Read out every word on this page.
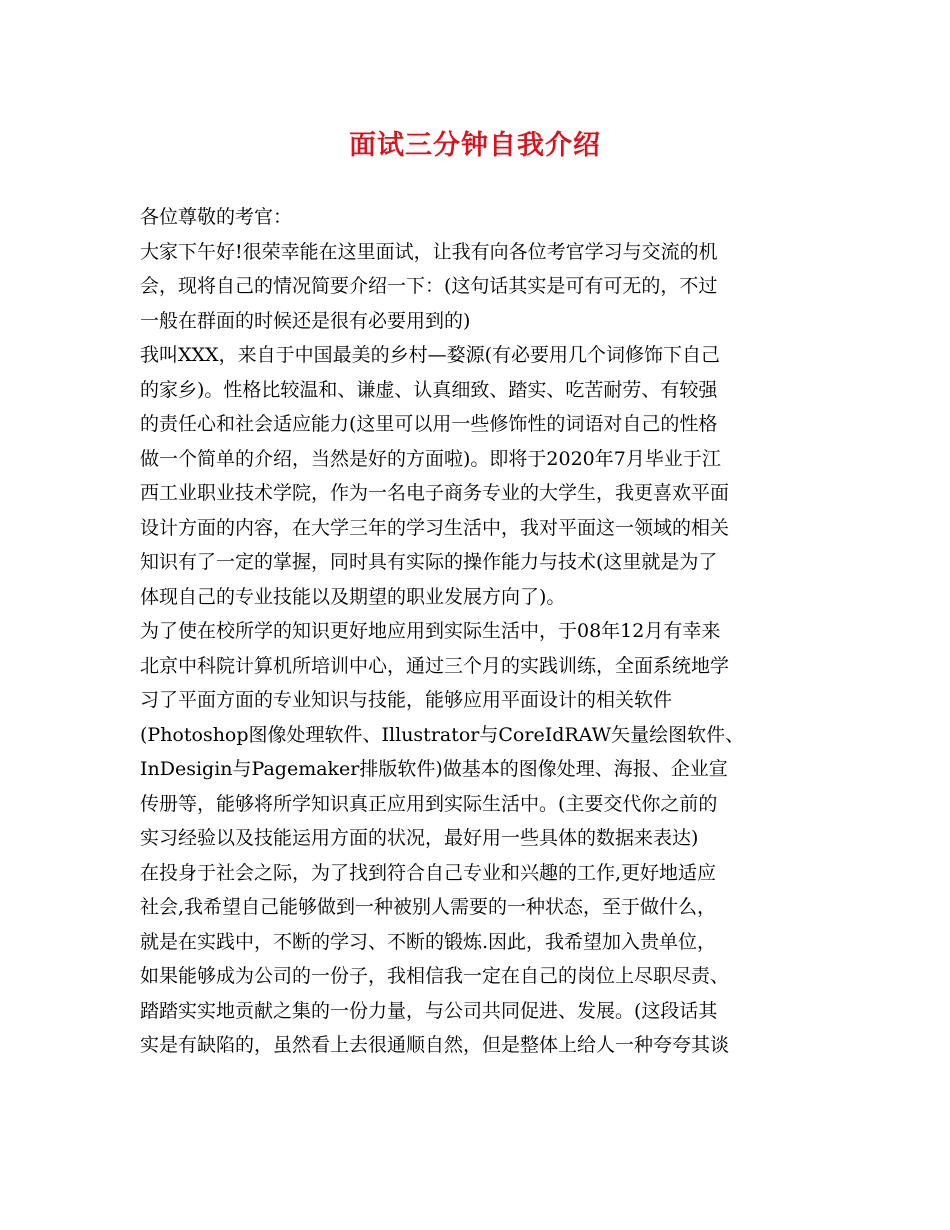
面试三分钟自我介绍
各位尊敬的考官：
大家下午好!很荣幸能在这里面试，让我有向各位考官学习与交流的机
会，现将自己的情况简要介绍一下：(这句话其实是可有可无的，不过
一般在群面的时候还是很有必要用到的)
我叫XXX，来自于中国最美的乡村—婺源(有必要用几个词修饰下自己
的家乡)。性格比较温和、谦虚、认真细致、踏实、吃苦耐劳、有较强
的责任心和社会适应能力(这里可以用一些修饰性的词语对自己的性格
做一个简单的介绍，当然是好的方面啦)。即将于2020年7月毕业于江
西工业职业技术学院，作为一名电子商务专业的大学生，我更喜欢平面
设计方面的内容，在大学三年的学习生活中，我对平面这一领域的相关
知识有了一定的掌握，同时具有实际的操作能力与技术(这里就是为了
体现自己的专业技能以及期望的职业发展方向了)。
为了使在校所学的知识更好地应用到实际生活中，于08年12月有幸来
北京中科院计算机所培训中心，通过三个月的实践训练，全面系统地学
习了平面方面的专业知识与技能，能够应用平面设计的相关软件
(Photoshop图像处理软件、Illustrator与CoreIdRAW矢量绘图软件、
InDesigin与Pagemaker排版软件)做基本的图像处理、海报、企业宣
传册等，能够将所学知识真正应用到实际生活中。(主要交代你之前的
实习经验以及技能运用方面的状况，最好用一些具体的数据来表达)
在投身于社会之际，为了找到符合自己专业和兴趣的工作,更好地适应
社会,我希望自己能够做到一种被别人需要的一种状态，至于做什么，
就是在实践中，不断的学习、不断的锻炼.因此，我希望加入贵单位，
如果能够成为公司的一份子，我相信我一定在自己的岗位上尽职尽责、
踏踏实实地贡献之集的一份力量，与公司共同促进、发展。(这段话其
实是有缺陷的，虽然看上去很通顺自然，但是整体上给人一种夸夸其谈
